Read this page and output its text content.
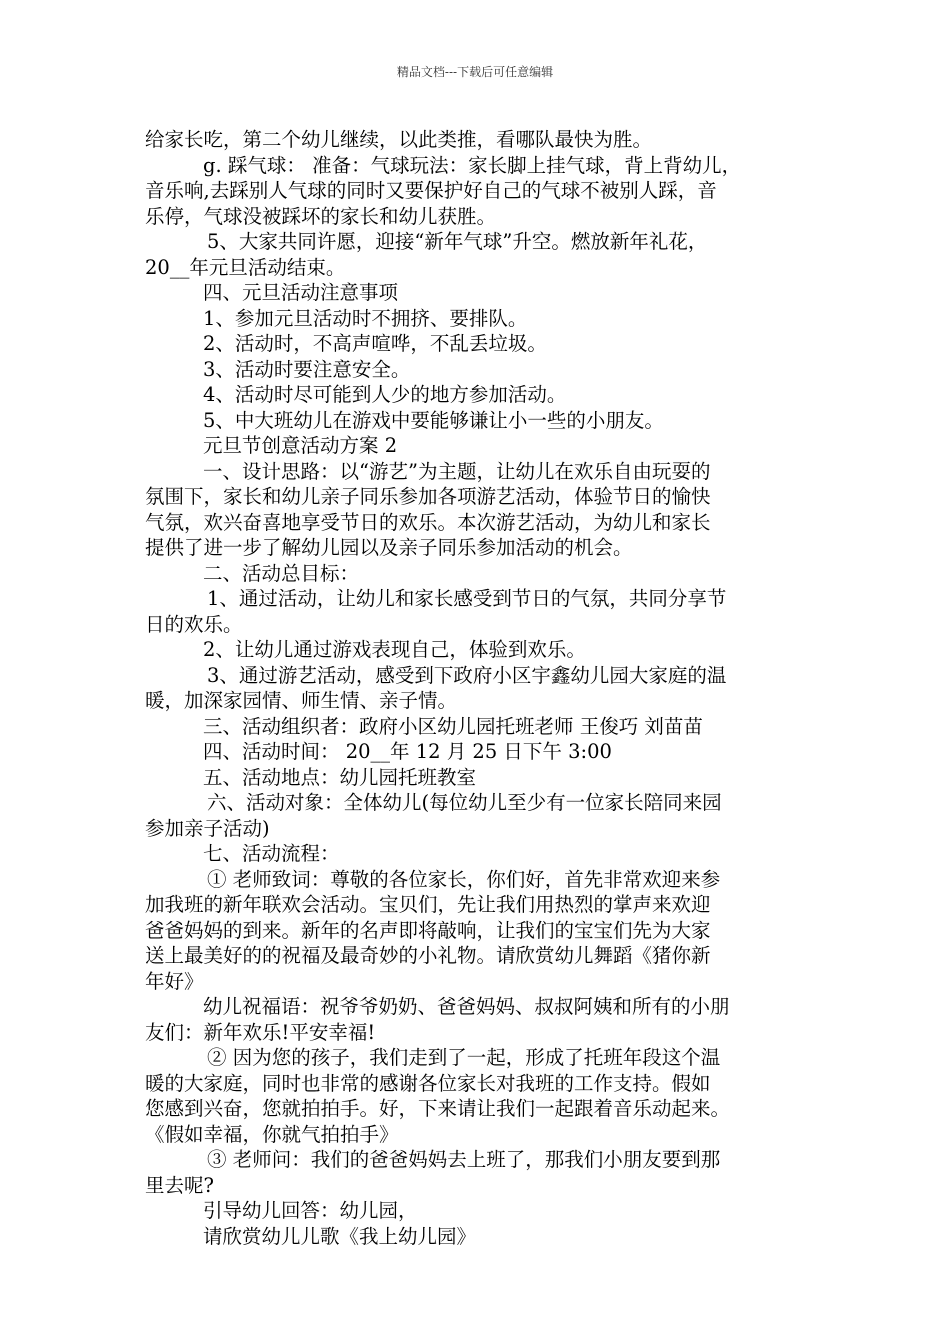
精品文档---下载后可任意编辑

给家长吃，第二个幼儿继续，以此类推，看哪队最快为胜。

g. 踩气球： 准备：气球玩法：家长脚上挂气球，背上背幼儿，

音乐响,去踩别人气球的同时又要保护好自己的气球不被别人踩，音

乐停，气球没被踩坏的家长和幼儿获胜。

5、大家共同许愿，迎接“新年气球”升空。燃放新年礼花，

20__年元旦活动结束。

四、元旦活动注意事项

1、参加元旦活动时不拥挤、要排队。

2、活动时，不高声喧哗，不乱丢垃圾。

3、活动时要注意安全。

4、活动时尽可能到人少的地方参加活动。

5、中大班幼儿在游戏中要能够谦让小一些的小朋友。

元旦节创意活动方案 2

一、设计思路：以“游艺”为主题，让幼儿在欢乐自由玩耍的

氛围下，家长和幼儿亲子同乐参加各项游艺活动，体验节日的愉快

气氛，欢兴奋喜地享受节日的欢乐。本次游艺活动，为幼儿和家长

提供了进一步了解幼儿园以及亲子同乐参加活动的机会。

二、活动总目标：

1、通过活动，让幼儿和家长感受到节日的气氛，共同分享节

日的欢乐。

2、让幼儿通过游戏表现自己，体验到欢乐。

3、通过游艺活动，感受到下政府小区宇鑫幼儿园大家庭的温

暖，加深家园情、师生情、亲子情。

三、活动组织者：政府小区幼儿园托班老师 王俊巧 刘苗苗

四、活动时间： 20__年 12 月 25 日下午 3:00

五、活动地点：幼儿园托班教室

六、活动对象：全体幼儿(每位幼儿至少有一位家长陪同来园

参加亲子活动)

七、活动流程：

① 老师致词：尊敬的各位家长，你们好，首先非常欢迎来参

加我班的新年联欢会活动。宝贝们，先让我们用热烈的掌声来欢迎

爸爸妈妈的到来。新年的名声即将敲响，让我们的宝宝们先为大家

送上最美好的的祝福及最奇妙的小礼物。请欣赏幼儿舞蹈《猪你新

年好》

幼儿祝福语：祝爷爷奶奶、爸爸妈妈、叔叔阿姨和所有的小朋

友们：新年欢乐!平安幸福!

② 因为您的孩子，我们走到了一起，形成了托班年段这个温

暖的大家庭，同时也非常的感谢各位家长对我班的工作支持。假如

您感到兴奋，您就拍拍手。好，下来请让我们一起跟着音乐动起来。

《假如幸福，你就气拍拍手》

③ 老师问：我们的爸爸妈妈去上班了，那我们小朋友要到那

里去呢?

引导幼儿回答：幼儿园，

请欣赏幼儿儿歌《我上幼儿园》
